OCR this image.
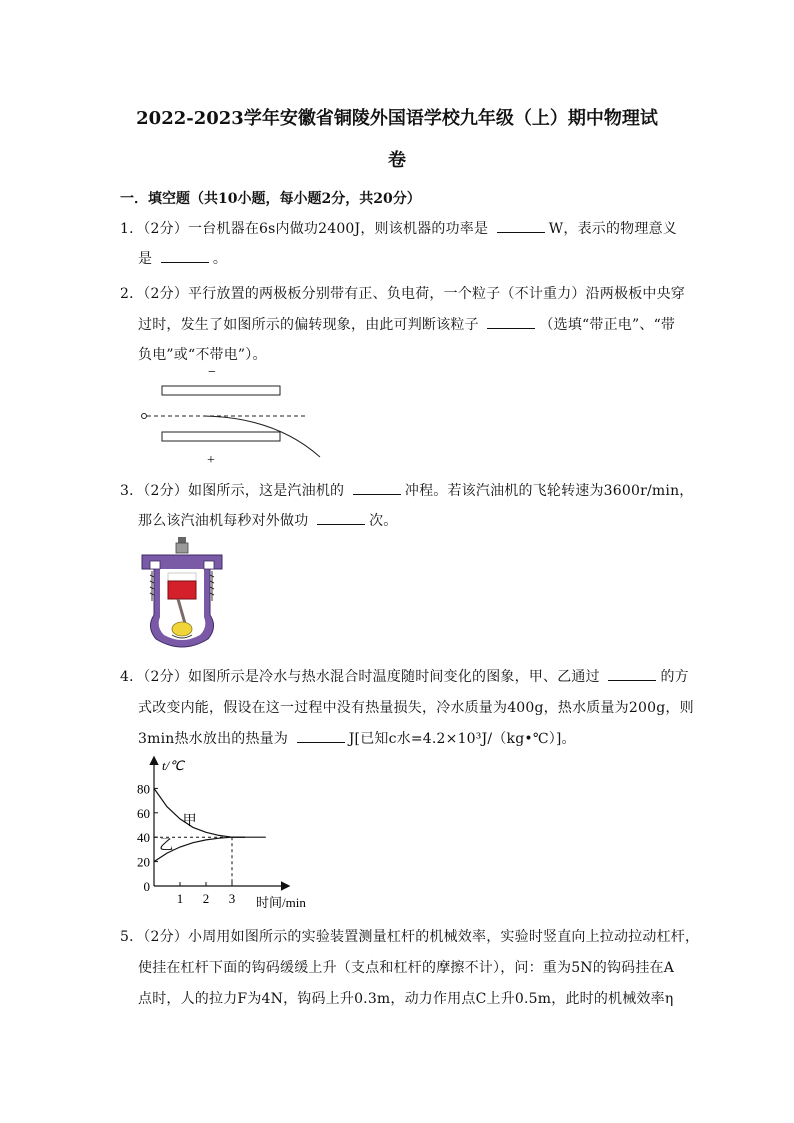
2022-2023学年安徽省铜陵外国语学校九年级（上）期中物理试
卷
一．填空题（共10小题，每小题2分，共20分）
1．（2分）一台机器在6s内做功2400J，则该机器的功率是	W，表示的物理意义
是	。
2．（2分）平行放置的两极板分别带有正、负电荷，一个粒子（不计重力）沿两极板中央穿
过时，发生了如图所示的偏转现象，由此可判断该粒子	（选填“带正电”、“带
负电”或“不带电”）。
−
+
3．（2分）如图所示，这是汽油机的	冲程。若该汽油机的飞轮转速为3600r/min，
那么该汽油机每秒对外做功	次。
4．（2分）如图所示是冷水与热水混合时温度随时间变化的图象，甲、乙通过	的方
式改变内能，假设在这一过程中没有热量损失，冷水质量为400g，热水质量为200g，则
3min热水放出的热量为	J[已知c水=4.2×10³J/（kg•℃）]。
t/℃
时间/min
0
20
40
60
80
1 2 3
甲
乙
5．（2分）小周用如图所示的实验装置测量杠杆的机械效率，实验时竖直向上拉动拉动杠杆，
使挂在杠杆下面的钩码缓缓上升（支点和杠杆的摩擦不计），问：重为5N的钩码挂在A
点时，人的拉力F为4N，钩码上升0.3m，动力作用点C上升0.5m，此时的机械效率η
